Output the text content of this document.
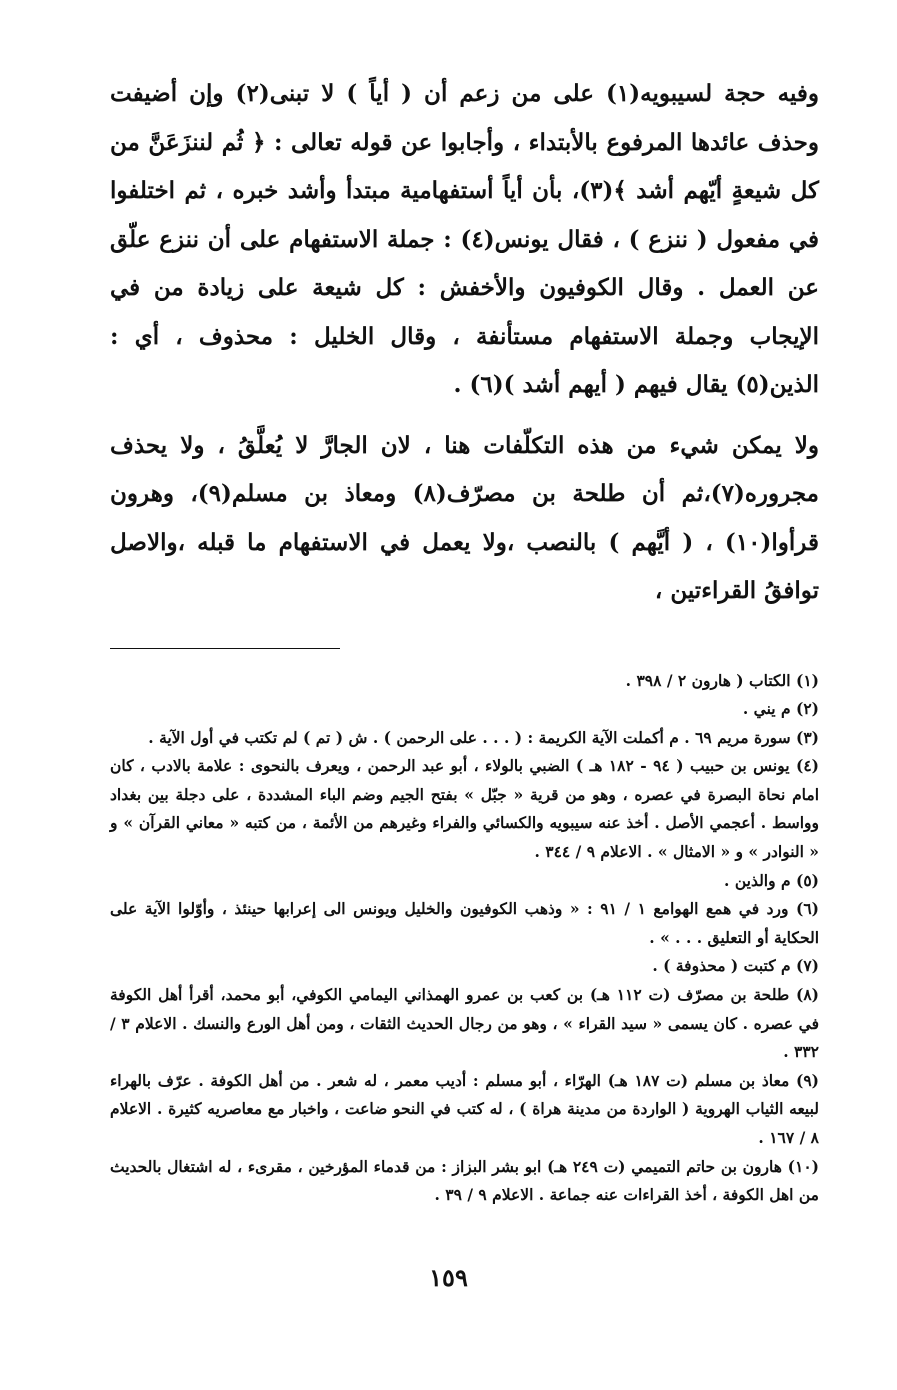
وفيه حجة لسيبويه(١) على من زعم أن ( أياً ) لا تبنى(٢) وإن أضيفت وحذف عائدها المرفوع بالأبتداء ، وأجابوا عن قوله تعالى : ﴿ ثُم لننزَعَنَّ من كل شيعةٍ أيّهم أشد ﴾(٣)، بأن أياً أستفهامية مبتدأ وأشد خبره ، ثم اختلفوا في مفعول ( ننزع ) ، فقال يونس(٤) : جملة الاستفهام على أن ننزع علّق عن العمل . وقال الكوفيون والأخفش : كل شيعة على زيادة من في الإيجاب وجملة الاستفهام مستأنفة ، وقال الخليل : محذوف ، أي : الذين(٥) يقال فيهم ( أيهم أشد )(٦) .

ولا يمكن شيء من هذه التكلّفات هنا ، لان الجارَّ لا يُعلَّقُ ، ولا يحذف مجروره(٧)،ثم أن طلحة بن مصرّف(٨) ومعاذ بن مسلم(٩)، وهرون قرأوا(١٠) ، ( أيَّهم ) بالنصب ،ولا يعمل في الاستفهام ما قبله ،والاصل توافقُ القراءتين ،

(١) الكتاب ( هارون ٢ / ٣٩٨ .
(٢) م يني .
(٣) سورة مريم ٦٩ . م أكملت الآية الكريمة : ( . . . على الرحمن ) . ش ( تم ) لم تكتب في أول الآية .
(٤) يونس بن حبيب ( ٩٤ - ١٨٢ هـ ) الضبي بالولاء ، أبو عبد الرحمن ، ويعرف بالنحوى : علامة بالادب ، كان امام نحاة البصرة في عصره ، وهو من قرية « جبّل » بفتح الجيم وضم الباء المشددة ، على دجلة بين بغداد وواسط . أعجمي الأصل . أخذ عنه سيبويه والكسائي والفراء وغيرهم من الأئمة ، من كتبه « معاني القرآن » و « النوادر » و « الامثال » . الاعلام ٩ / ٣٤٤ .
(٥) م والذين .
(٦) ورد في همع الهوامع ١ / ٩١ : « وذهب الكوفيون والخليل ويونس الى إعرابها حينئذ ، وأوّلوا الآية على الحكاية أو التعليق . . . » .
(٧) م كتبت ( محذوفة ) .
(٨) طلحة بن مصرّف (ت ١١٢ هـ) بن كعب بن عمرو الهمذاني اليمامي الكوفي، أبو محمد، أقرأ أهل الكوفة في عصره . كان يسمى « سيد القراء » ، وهو من رجال الحديث الثقات ، ومن أهل الورع والنسك . الاعلام ٣ / ٣٣٢ .
(٩) معاذ بن مسلم (ت ١٨٧ هـ) الهرّاء ، أبو مسلم : أديب معمر ، له شعر . من أهل الكوفة . عرّف بالهراء لبيعه الثياب الهروية ( الواردة من مدينة هراة ) ، له كتب في النحو ضاعت ، واخبار مع معاصريه كثيرة . الاعلام ٨ / ١٦٧ .
(١٠) هارون بن حاتم التميمي (ت ٢٤٩ هـ) ابو بشر البزاز : من قدماء المؤرخين ، مقرىء ، له اشتغال بالحديث من اهل الكوفة ، أخذ القراءات عنه جماعة . الاعلام ٩ / ٣٩ .
١٥٩
